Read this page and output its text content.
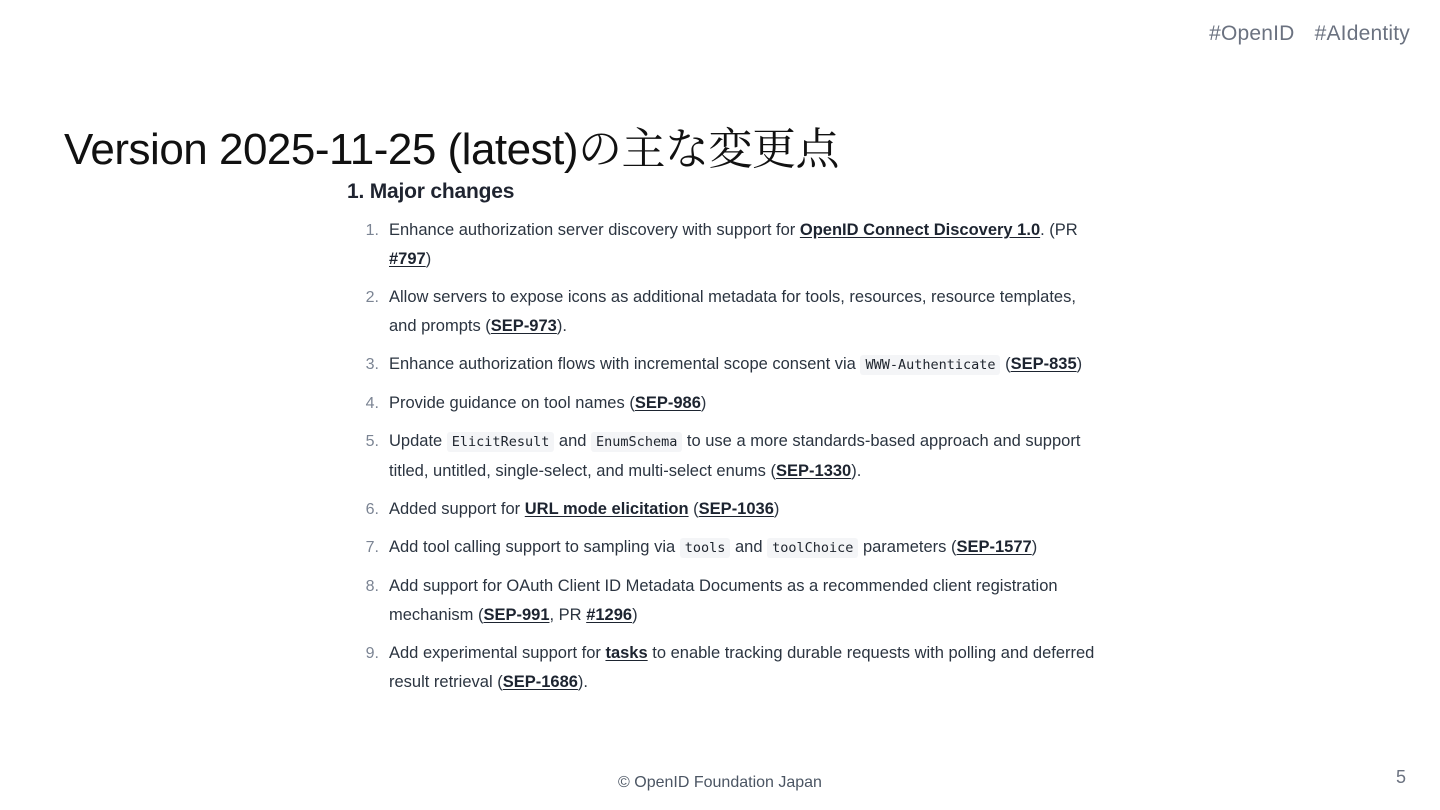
#OpenID #AIdentity
Version 2025-11-25 (latest)の主な変更点
1. Major changes
Enhance authorization server discovery with support for OpenID Connect Discovery 1.0. (PR #797)
Allow servers to expose icons as additional metadata for tools, resources, resource templates, and prompts (SEP-973).
Enhance authorization flows with incremental scope consent via WWW-Authenticate (SEP-835)
Provide guidance on tool names (SEP-986)
Update ElicitResult and EnumSchema to use a more standards-based approach and support titled, untitled, single-select, and multi-select enums (SEP-1330).
Added support for URL mode elicitation (SEP-1036)
Add tool calling support to sampling via tools and toolChoice parameters (SEP-1577)
Add support for OAuth Client ID Metadata Documents as a recommended client registration mechanism (SEP-991, PR #1296)
Add experimental support for tasks to enable tracking durable requests with polling and deferred result retrieval (SEP-1686).
© OpenID Foundation Japan	5
